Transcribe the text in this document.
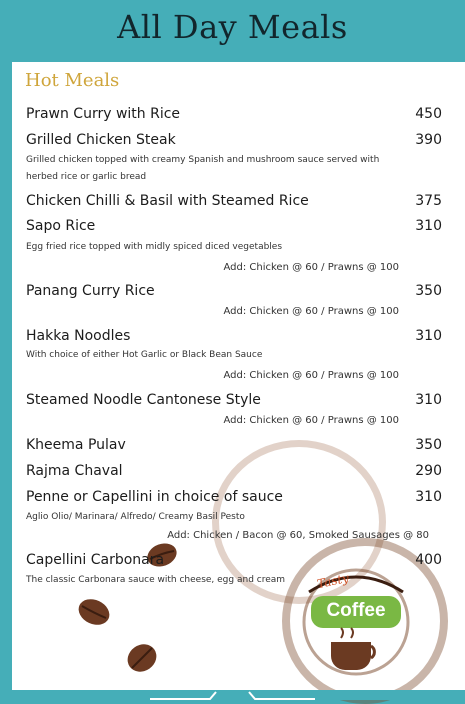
All Day Meals
Hot Meals
Tasty
Coffee
Prawn Curry with Rice	450
Grilled Chicken Steak	390
Grilled chicken topped with creamy Spanish and mushroom sauce served with herbed rice or garlic bread
Chicken Chilli & Basil with Steamed Rice	375
Sapo Rice	310
Egg fried rice topped with midly spiced diced vegetables
Add: Chicken @ 60 / Prawns @ 100
Panang Curry Rice	350
Add: Chicken @ 60 / Prawns @ 100
Hakka Noodles	310
With choice of either Hot Garlic or Black Bean Sauce
Add: Chicken @ 60 / Prawns @ 100
Steamed Noodle Cantonese Style	310
Add: Chicken @ 60 / Prawns @ 100
Kheema Pulav	350
Rajma Chaval	290
Penne or Capellini in choice of sauce	310
Aglio Olio/ Marinara/ Alfredo/ Creamy Basil Pesto
Add: Chicken / Bacon @ 60, Smoked Sausages @ 80
Capellini Carbonara	400
The classic Carbonara sauce with cheese, egg and cream
